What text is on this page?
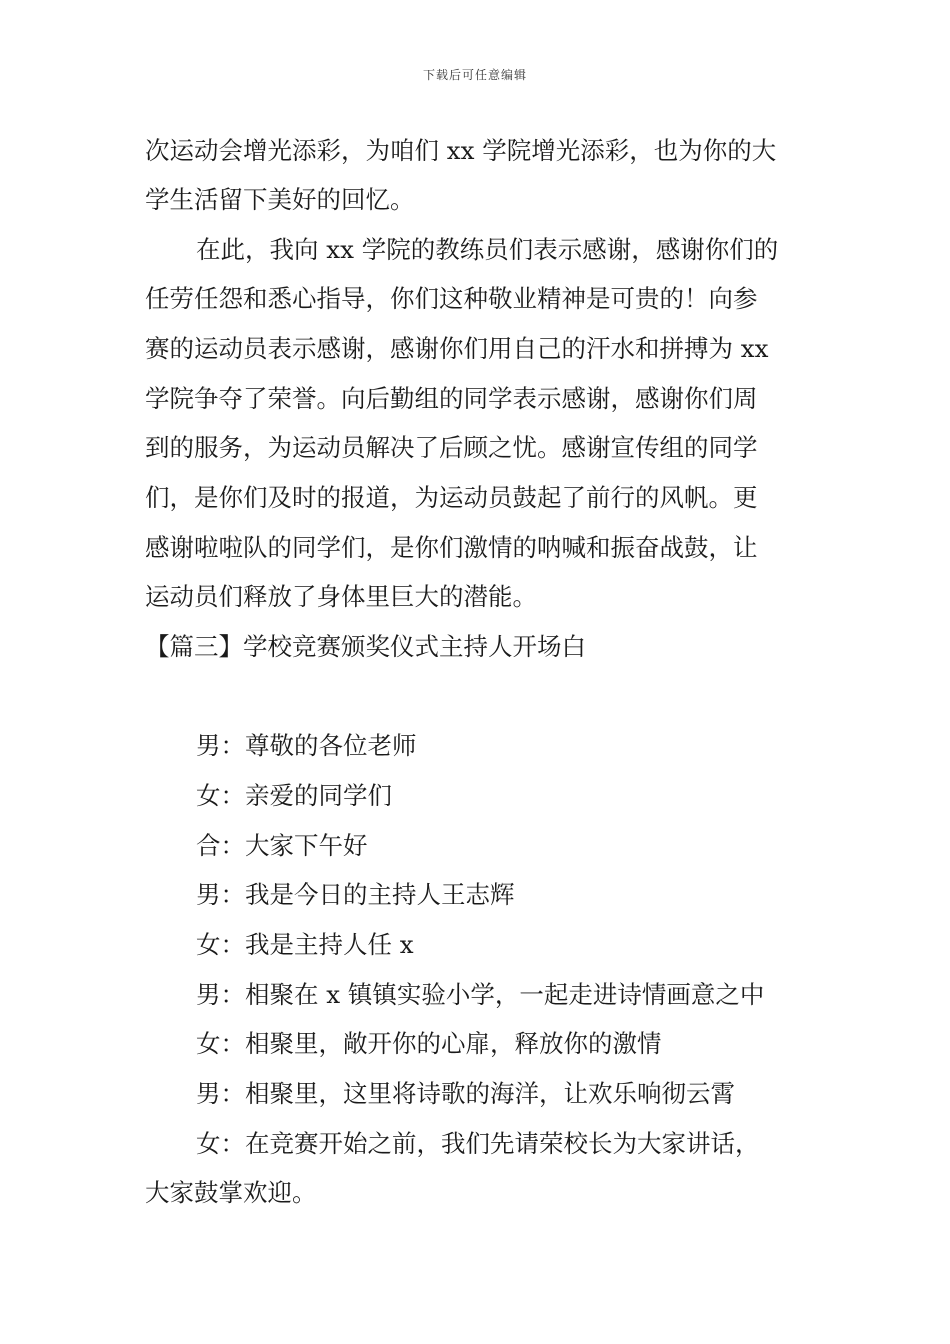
下载后可任意编辑
次运动会增光添彩，为咱们 xx 学院增光添彩，也为你的大
学生活留下美好的回忆。
在此，我向 xx 学院的教练员们表示感谢，感谢你们的
任劳任怨和悉心指导，你们这种敬业精神是可贵的！向参
赛的运动员表示感谢，感谢你们用自己的汗水和拼搏为 xx
学院争夺了荣誉。向后勤组的同学表示感谢，感谢你们周
到的服务，为运动员解决了后顾之忧。感谢宣传组的同学
们，是你们及时的报道，为运动员鼓起了前行的风帆。更
感谢啦啦队的同学们，是你们激情的呐喊和振奋战鼓，让
运动员们释放了身体里巨大的潜能。
【篇三】学校竞赛颁奖仪式主持人开场白
男：尊敬的各位老师
女：亲爱的同学们
合：大家下午好
男：我是今日的主持人王志辉
女：我是主持人任 x
男：相聚在 x 镇镇实验小学，一起走进诗情画意之中
女：相聚里，敞开你的心扉，释放你的激情
男：相聚里，这里将诗歌的海洋，让欢乐响彻云霄
女：在竞赛开始之前，我们先请荣校长为大家讲话，
大家鼓掌欢迎。
